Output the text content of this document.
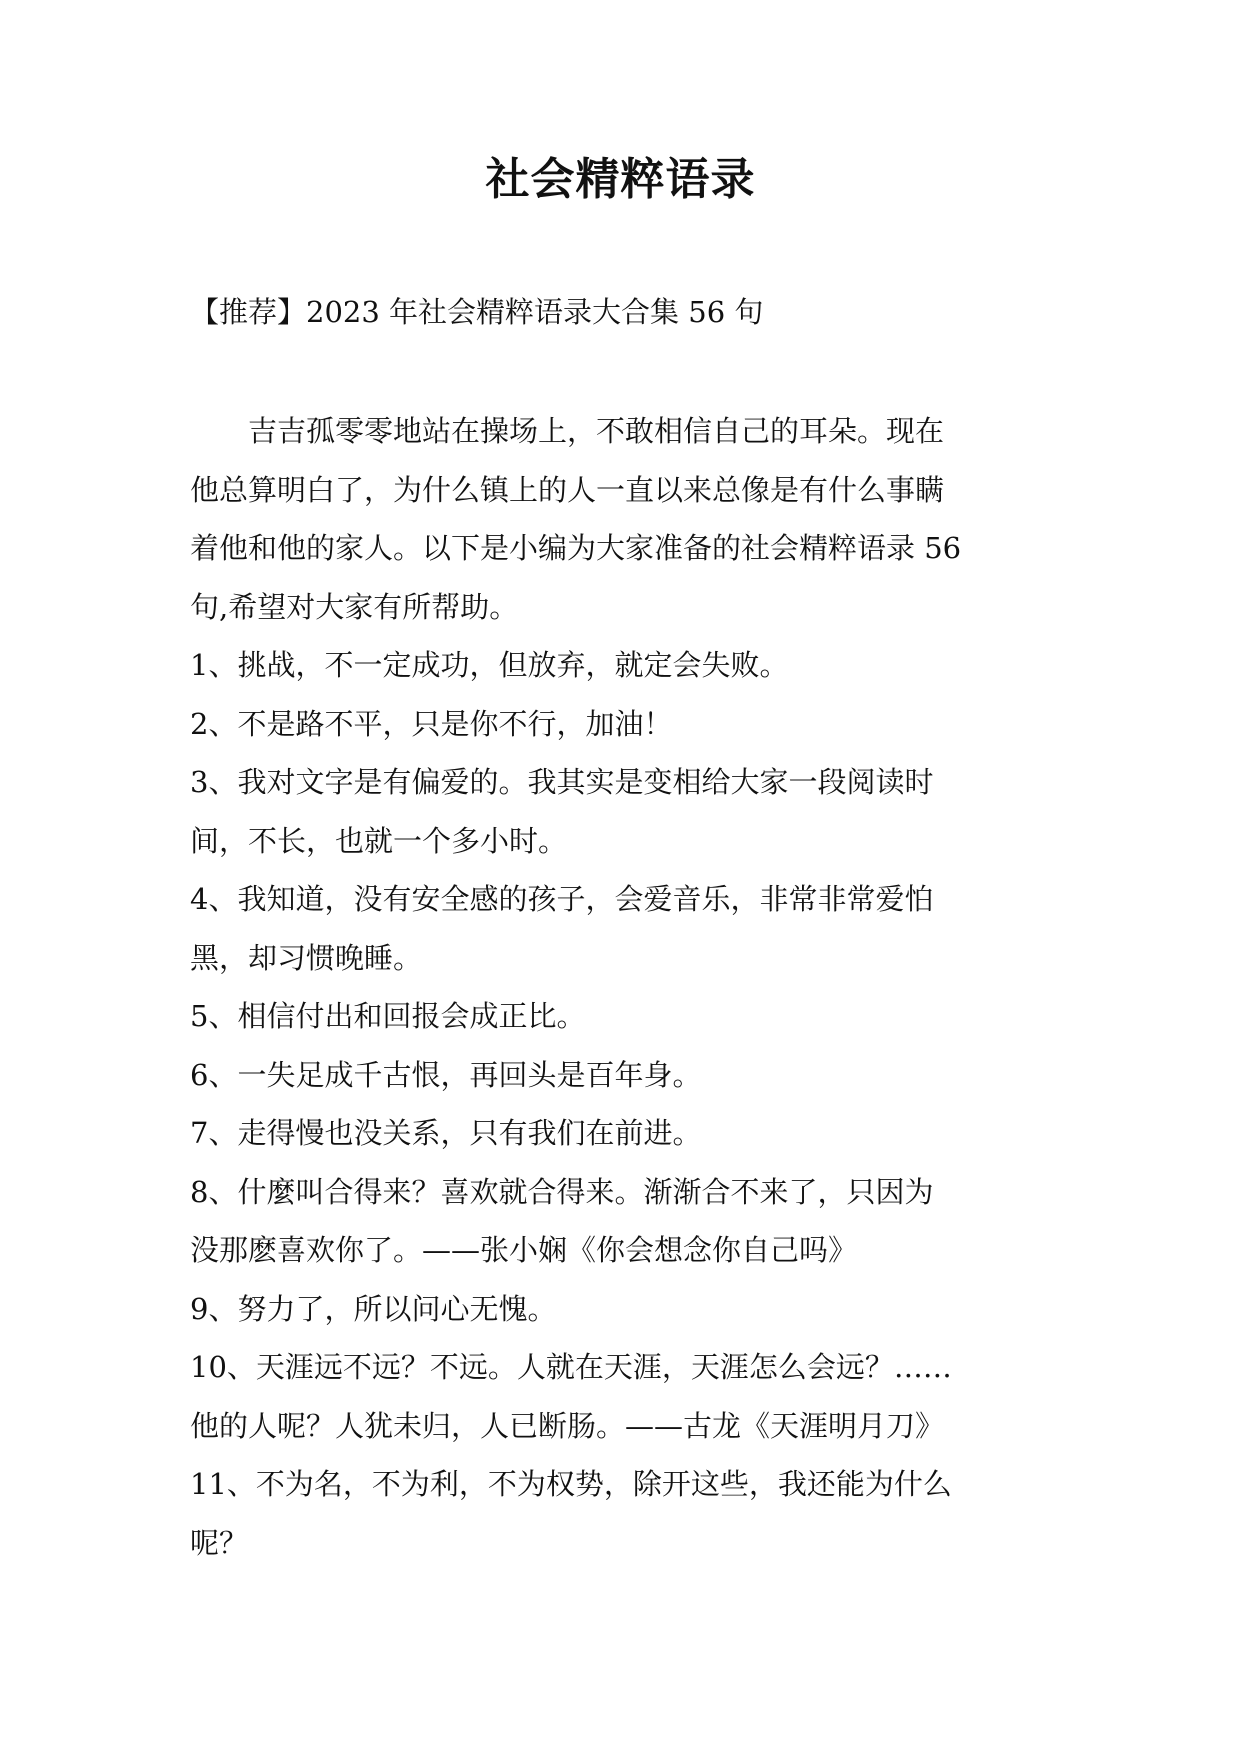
社会精粹语录
【推荐】2023 年社会精粹语录大合集 56 句

吉吉孤零零地站在操场上，不敢相信自己的耳朵。现在

他总算明白了，为什么镇上的人一直以来总像是有什么事瞒

着他和他的家人。以下是小编为大家准备的社会精粹语录 56

句,希望对大家有所帮助。

1、挑战，不一定成功，但放弃，就定会失败。

2、不是路不平，只是你不行，加油！

3、我对文字是有偏爱的。我其实是变相给大家一段阅读时

间，不长，也就一个多小时。

4、我知道，没有安全感的孩子，会爱音乐，非常非常爱怕

黑，却习惯晚睡。

5、相信付出和回报会成正比。

6、一失足成千古恨，再回头是百年身。

7、走得慢也没关系，只有我们在前进。

8、什麼叫合得来？喜欢就合得来。渐渐合不来了，只因为

没那麽喜欢你了。——张小娴《你会想念你自己吗》

9、努力了，所以问心无愧。

10、天涯远不远？不远。人就在天涯，天涯怎么会远？……

他的人呢？人犹未归，人已断肠。——古龙《天涯明月刀》

11、不为名，不为利，不为权势，除开这些，我还能为什么

呢？
